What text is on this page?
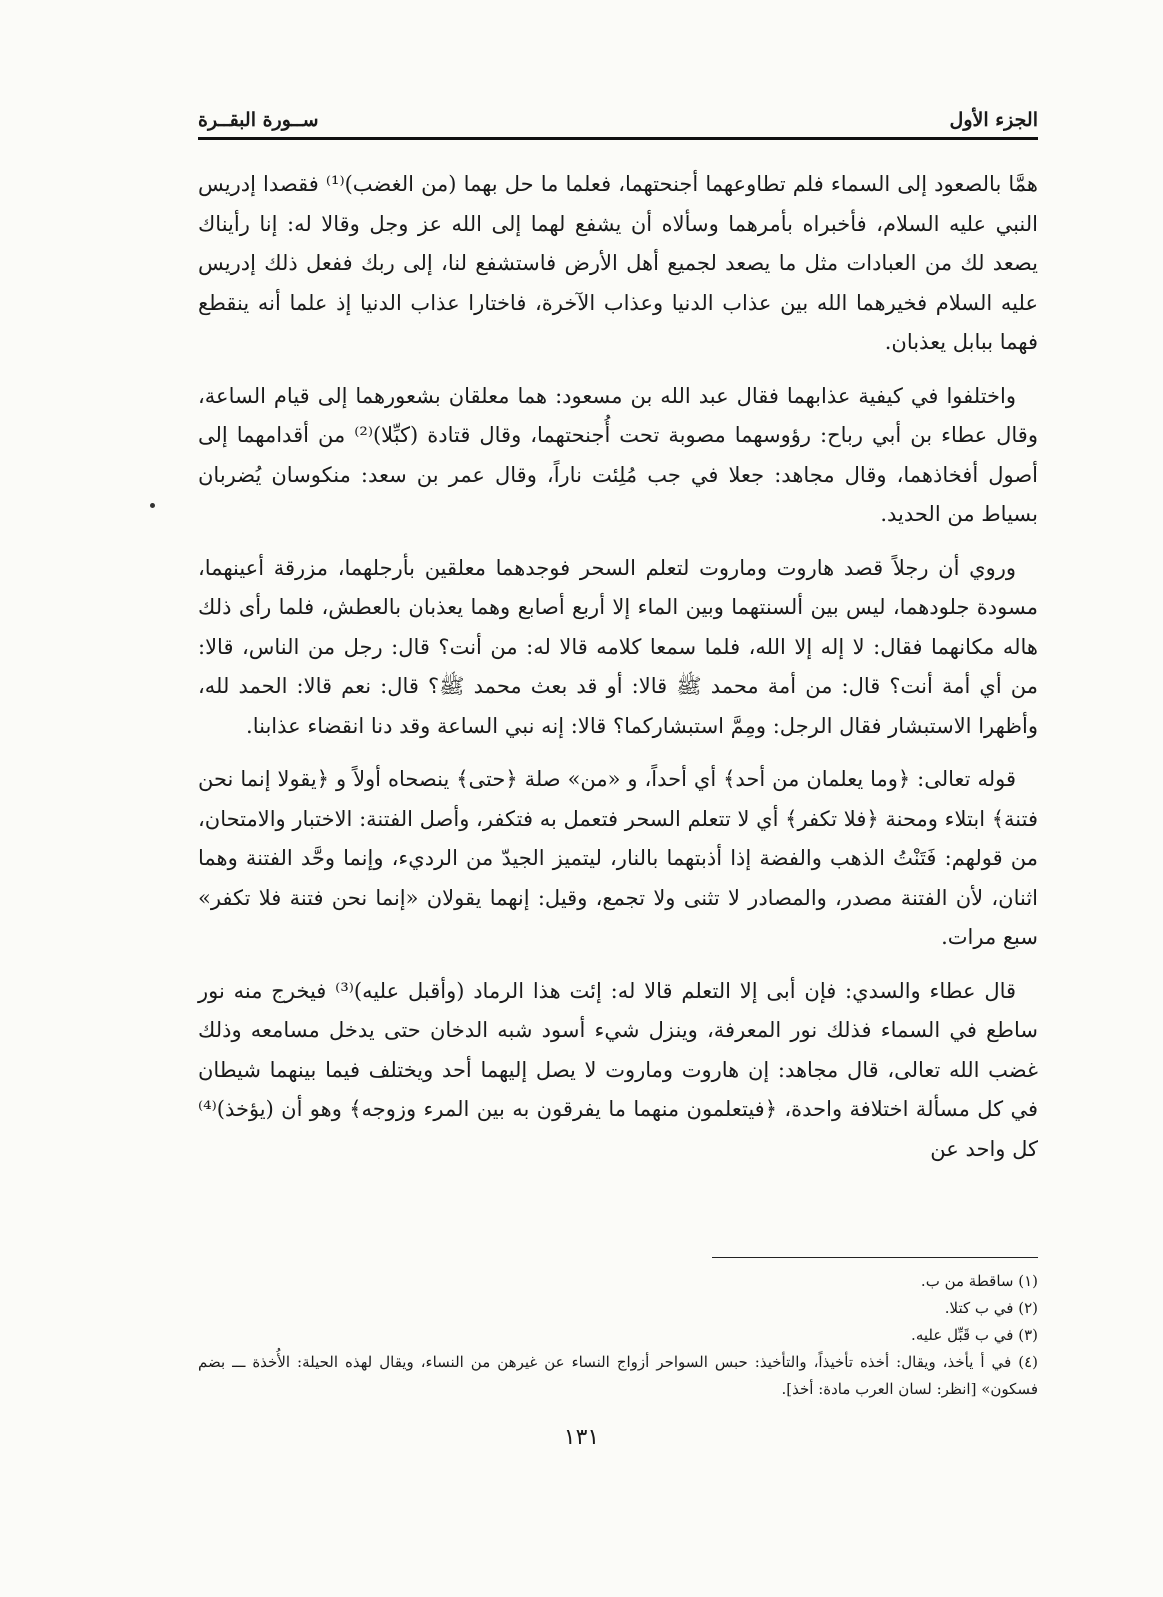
الجزء الأول
ســورة البقــرة

همَّا بالصعود إلى السماء فلم تطاوعهما أجنحتهما، فعلما ما حل بهما (من الغضب)⁽¹⁾ فقصدا إدريس النبي عليه السلام، فأخبراه بأمرهما وسألاه أن يشفع لهما إلى الله عز وجل وقالا له: إنا رأيناك يصعد لك من العبادات مثل ما يصعد لجميع أهل الأرض فاستشفع لنا، إلى ربك ففعل ذلك إدريس عليه السلام فخيرهما الله بين عذاب الدنيا وعذاب الآخرة، فاختارا عذاب الدنيا إذ علما أنه ينقطع فهما ببابل يعذبان.

واختلفوا في كيفية عذابهما فقال عبد الله بن مسعود: هما معلقان بشعورهما إلى قيام الساعة، وقال عطاء بن أبي رباح: رؤوسهما مصوبة تحت أُجنحتهما، وقال قتادة (كبِّلا)⁽²⁾ من أقدامهما إلى أصول أفخاذهما، وقال مجاهد: جعلا في جب مُلِئت ناراً، وقال عمر بن سعد: منكوسان يُضربان بسياط من الحديد.

وروي أن رجلاً قصد هاروت وماروت لتعلم السحر فوجدهما معلقين بأرجلهما، مزرقة أعينهما، مسودة جلودهما، ليس بين ألسنتهما وبين الماء إلا أربع أصابع وهما يعذبان بالعطش، فلما رأى ذلك هاله مكانهما فقال: لا إله إلا الله، فلما سمعا كلامه قالا له: من أنت؟ قال: رجل من الناس، قالا: من أي أمة أنت؟ قال: من أمة محمد ﷺ قالا: أو قد بعث محمد ﷺ؟ قال: نعم قالا: الحمد لله، وأظهرا الاستبشار فقال الرجل: ومِمَّ استبشاركما؟ قالا: إنه نبي الساعة وقد دنا انقضاء عذابنا.

قوله تعالى: ﴿وما يعلمان من أحد﴾ أي أحداً، و «من» صلة ﴿حتى﴾ ينصحاه أولاً و ﴿يقولا إنما نحن فتنة﴾ ابتلاء ومحنة ﴿فلا تكفر﴾ أي لا تتعلم السحر فتعمل به فتكفر، وأصل الفتنة: الاختبار والامتحان، من قولهم: فَتَنْتُ الذهب والفضة إذا أذبتهما بالنار، ليتميز الجيدّ من الرديء، وإنما وحَّد الفتنة وهما اثنان، لأن الفتنة مصدر، والمصادر لا تثنى ولا تجمع، وقيل: إنهما يقولان «إنما نحن فتنة فلا تكفر» سبع مرات.

قال عطاء والسدي: فإن أبى إلا التعلم قالا له: إئت هذا الرماد (وأقبل عليه)⁽³⁾ فيخرج منه نور ساطع في السماء فذلك نور المعرفة، وينزل شيء أسود شبه الدخان حتى يدخل مسامعه وذلك غضب الله تعالى، قال مجاهد: إن هاروت وماروت لا يصل إليهما أحد ويختلف فيما بينهما شيطان في كل مسألة اختلافة واحدة، ﴿فيتعلمون منهما ما يفرقون به بين المرء وزوجه﴾ وهو أن (يؤخذ)⁽⁴⁾ كل واحد عن

(١) ساقطة من ب.

(٢) في ب كتلا.

(٣) في ب قَبِّل عليه.

(٤) في أ يأخذ، ويقال: أخذه تأخيذاً، والتأخيذ: حبس السواحر أزواج النساء عن غيرهن من النساء، ويقال لهذه الحيلة: الأُخذة ـــ بضم فسكون» [انظر: لسان العرب مادة: أخذ].

١٣١
